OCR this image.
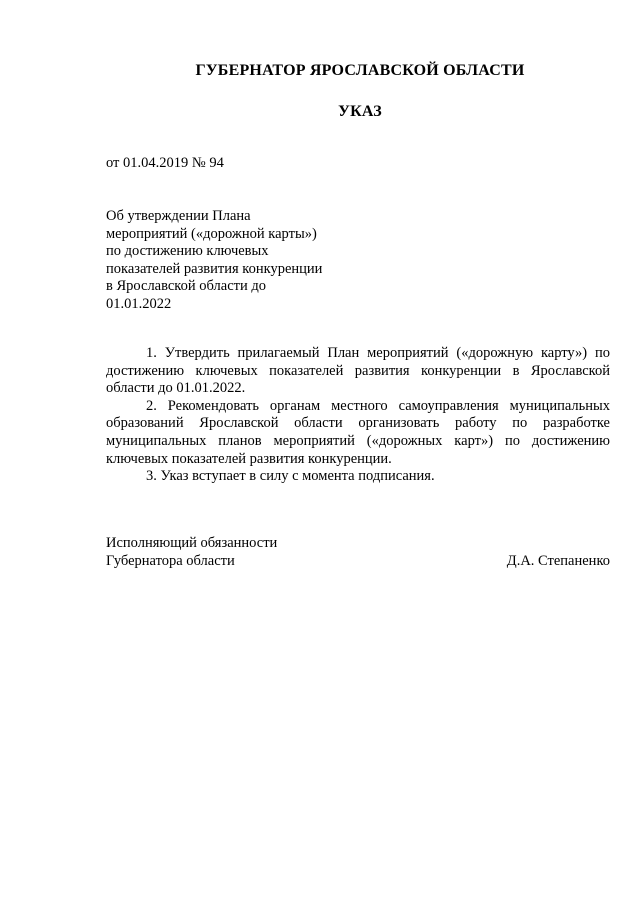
ГУБЕРНАТОР ЯРОСЛАВСКОЙ ОБЛАСТИ
УКАЗ
от 01.04.2019 № 94
Об утверждении Плана
мероприятий («дорожной карты»)
по достижению ключевых
показателей развития конкуренции
в Ярославской области до
01.01.2022

1. Утвердить прилагаемый План мероприятий («дорожную карту») по достижению ключевых показателей развития конкуренции в Ярославской области до 01.01.2022.

2. Рекомендовать органам местного самоуправления муниципальных образований Ярославской области организовать работу по разработке муниципальных планов мероприятий («дорожных карт») по достижению ключевых показателей развития конкуренции.

3. Указ вступает в силу с момента подписания.

Исполняющий обязанности
Губернатора области	Д.А. Степаненко
